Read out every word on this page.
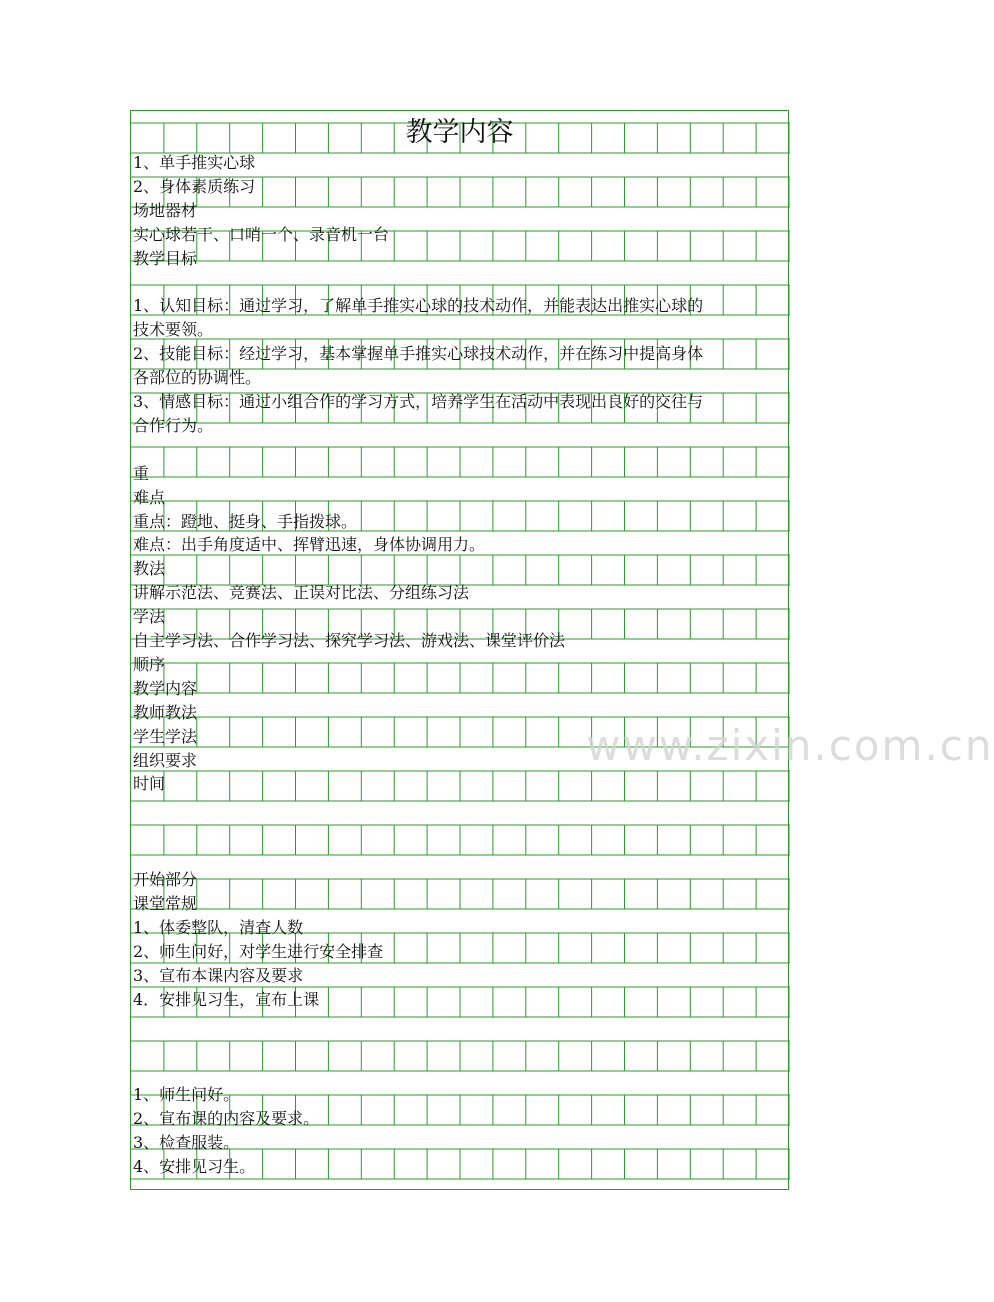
教学内容
1、单手推实心球
2、身体素质练习
场地器材
实心球若干、口哨一个、录音机一台
教学目标
1、认知目标：通过学习，了解单手推实心球的技术动作，并能表达出推实心球的
技术要领。
2、技能目标：经过学习，基本掌握单手推实心球技术动作，并在练习中提高身体
各部位的协调性。
3、情感目标：通过小组合作的学习方式，培养学生在活动中表现出良好的交往与
合作行为。
重
难点
重点：蹬地、挺身、手指拨球。
难点：出手角度适中、挥臂迅速，身体协调用力。
教法
讲解示范法、竞赛法、正误对比法、分组练习法
学法
自主学习法、合作学习法、探究学习法、游戏法、课堂评价法
顺序
教学内容
教师教法
学生学法
组织要求
时间
开始部分
课堂常规
1、体委整队，清查人数
2、师生问好，对学生进行安全排查
3、宣布本课内容及要求
4．安排见习生，宣布上课
1、师生问好。
2、宣布课的内容及要求。
3、检查服装。
4、安排见习生。
www.zixin.com.cn
